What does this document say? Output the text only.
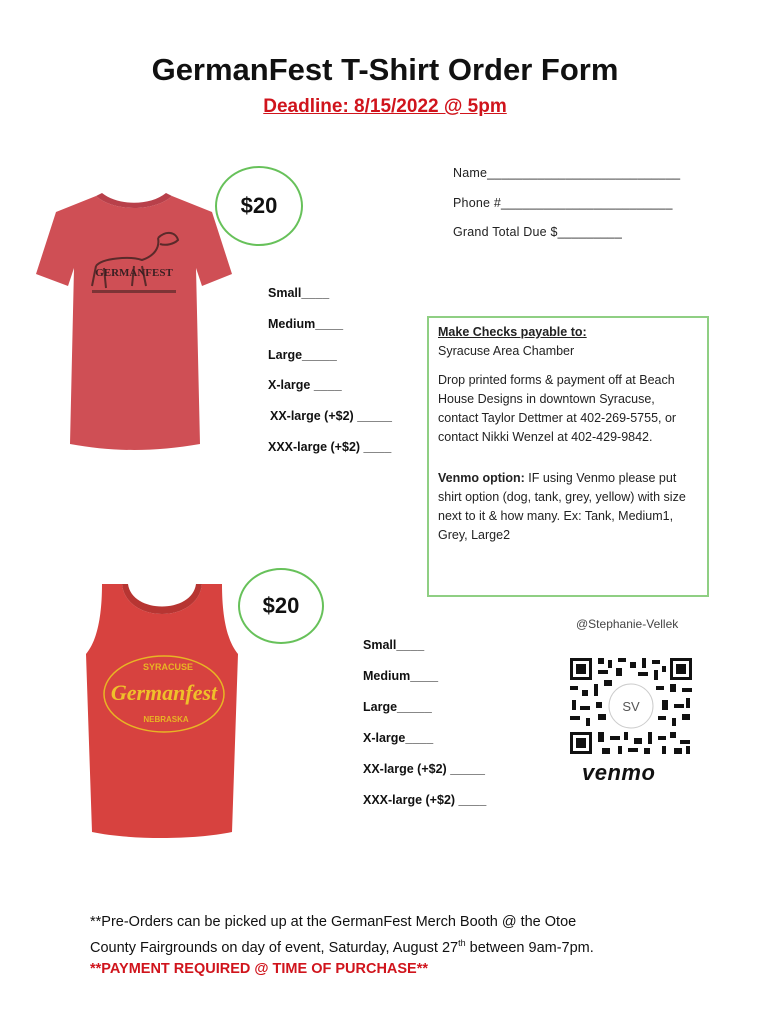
GermanFest T-Shirt Order Form
Deadline: 8/15/2022 @ 5pm
Name___________________________
Phone #________________________
Grand Total Due $_________
GERMANFEST
$20
Small____
Medium____
Large_____
X-large ____
XX-large (+$2) _____
XXX-large (+$2) ____

Make Checks payable to:

Syracuse Area Chamber

Drop printed forms & payment off at Beach House Designs in downtown Syracuse, contact Taylor Dettmer at 402-269-5755, or contact Nikki Wenzel at 402-429-9842.

Venmo option: IF using Venmo please put shirt option (dog, tank, grey, yellow) with size next to it & how many. Ex: Tank, Medium1, Grey, Large2

SYRACUSE
Germanfest
NEBRASKA
$20
Small____
Medium____
Large_____
X-large____
XX-large (+$2) _____
XXX-large (+$2) ____
@Stephanie-Vellek
SV
venmo
**Pre-Orders can be picked up at the GermanFest Merch Booth @ the Otoe
County Fairgrounds on day of event, Saturday, August 27th between 9am-7pm.
**PAYMENT REQUIRED @ TIME OF PURCHASE**
